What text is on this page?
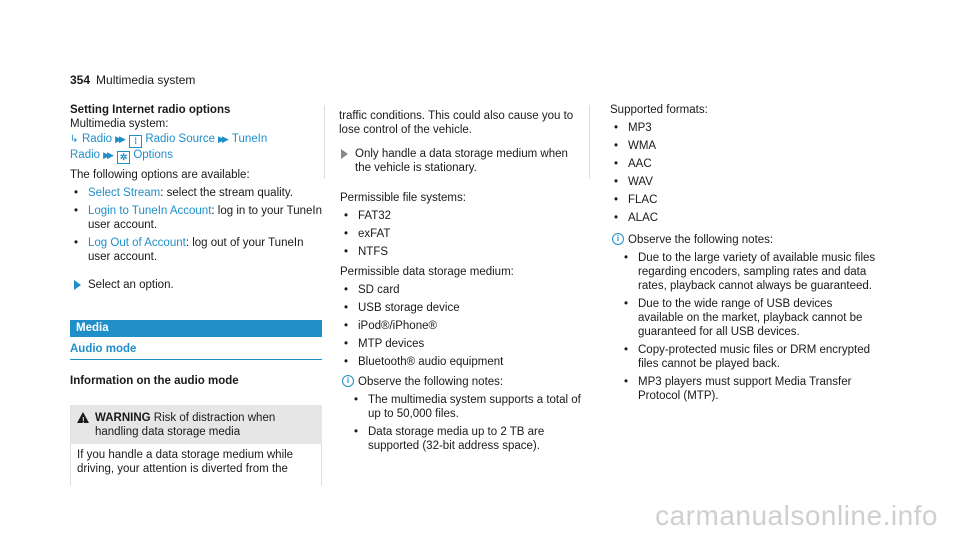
354 Multimedia system
Setting Internet radio options
Multimedia system:
↳ Radio ▶▶ ⁞ Radio Source ▶▶ TuneIn
Radio ▶▶ ✲ Options
The following options are available:
• Select Stream: select the stream quality.
• Login to TuneIn Account: log in to your TuneIn user account.
• Log Out of Account: log out of your TuneIn user account.
Select an option.
Media
Audio mode
Information on the audio mode
! WARNING Risk of distraction when handling data storage media
If you handle a data storage medium while driving, your attention is diverted from the
traffic conditions. This could also cause you to lose control of the vehicle.
Only handle a data storage medium when the vehicle is stationary.
Permissible file systems:
• FAT32
• exFAT
• NTFS
Permissible data storage medium:
• SD card
• USB storage device
• iPod®/iPhone®
• MTP devices
• Bluetooth® audio equipment
i Observe the following notes:
• The multimedia system supports a total of up to 50,000 files.
• Data storage media up to 2 TB are supported (32-bit address space).
Supported formats:
• MP3
• WMA
• AAC
• WAV
• FLAC
• ALAC
i Observe the following notes:
• Due to the large variety of available music files regarding encoders, sampling rates and data rates, playback cannot always be guaranteed.
• Due to the wide range of USB devices available on the market, playback cannot be guaranteed for all USB devices.
• Copy-protected music files or DRM encrypted files cannot be played back.
• MP3 players must support Media Transfer Protocol (MTP).
carmanualsonline.info
